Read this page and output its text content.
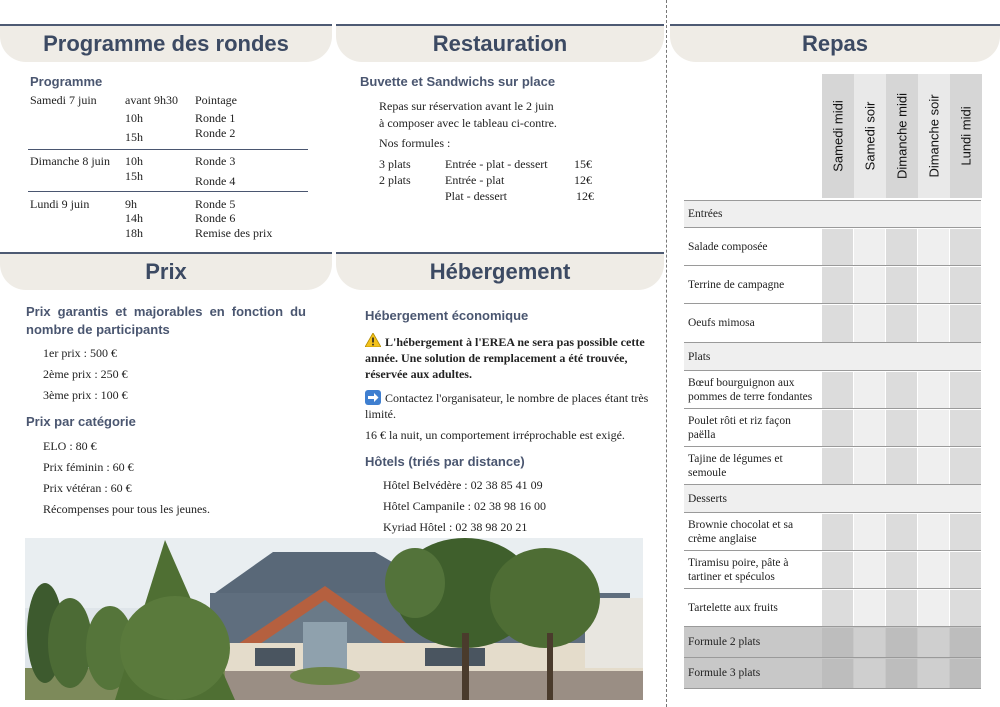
Programme des rondes	Restauration	Repas
Prix	Hébergement
Programme
Samedi 7 juin avant 9h30 Pointage
10h	Ronde 1
15h	Ronde 2
Dimanche 8 juin 10h	Ronde 3
15h	Ronde 4
Lundi 9 juin	9h	Ronde 5
14h	Ronde 6
18h	Remise des prix
Buvette et Sandwichs sur place
Repas sur réservation avant le 2 juin
à composer avec le tableau ci-contre.
Nos formules :
3 plats	Entrée - plat - dessert 15€
2 plats	Entrée - plat	12€
Plat - dessert	12€
Prix garantis et majorables en fonction du
nombre de participants
1er prix : 500 €
2ème prix : 250 €
3ème prix : 100 €
Prix par catégorie
ELO : 80 €
Prix féminin : 60 €
Prix vétéran : 60 €
Récompenses pour tous les jeunes.
Hébergement économique
L'hébergement à l'EREA ne sera pas possible cette
année. Une solution de remplacement a été trouvée,
réservée aux adultes.
Contactez l'organisateur, le nombre de places étant très
limité.
16 € la nuit, un comportement irréprochable est exigé.
Hôtels (triés par distance)
Hôtel Belvédère : 02 38 85 41 09
Hôtel Campanile : 02 38 98 16 00
Kyriad Hôtel : 02 38 98 20 21
Samedi midi Samedi soir Dimanche midi Dimanche soir Lundi midi
Entrées
Salade composée
Terrine de campagne
Oeufs mimosa
Plats
Bœuf bourguignon aux pommes de terre fondantes
Poulet rôti et riz façon paëlla
Tajine de légumes et semoule
Desserts
Brownie chocolat et sa crème anglaise
Tiramisu poire, pâte à tartiner et spéculos
Tartelette aux fruits
Formule 2 plats
Formule 3 plats
